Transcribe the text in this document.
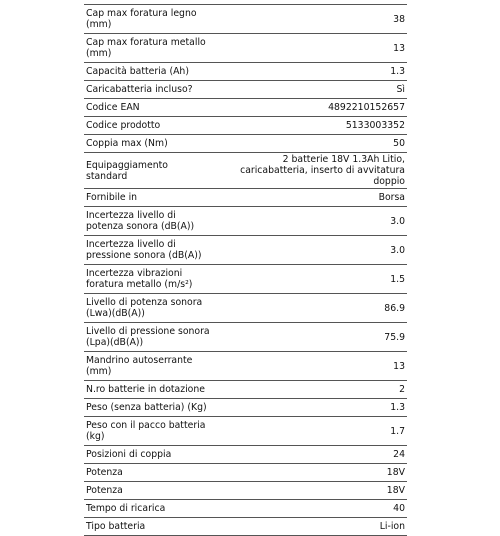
Cap max foratura legno (mm)	38
Cap max foratura metallo (mm)	13
Capacità batteria (Ah)	1.3
Caricabatteria incluso?	Sì
Codice EAN	4892210152657
Codice prodotto	5133003352
Coppia max (Nm)	50
Equipaggiamento standard	2 batterie 18V 1.3Ah Litio, caricabatteria, inserto di avvitatura doppio
Fornibile in	Borsa
Incertezza livello di potenza sonora (dB(A))	3.0
Incertezza livello di pressione sonora (dB(A))	3.0
Incertezza vibrazioni foratura metallo (m/s²)	1.5
Livello di potenza sonora (Lwa)(dB(A))	86.9
Livello di pressione sonora (Lpa)(dB(A))	75.9
Mandrino autoserrante (mm)	13
N.ro batterie in dotazione	2
Peso (senza batteria) (Kg)	1.3
Peso con il pacco batteria (kg)	1.7
Posizioni di coppia	24
Potenza	18V
Potenza	18V
Tempo di ricarica	40
Tipo batteria	Li-ion
